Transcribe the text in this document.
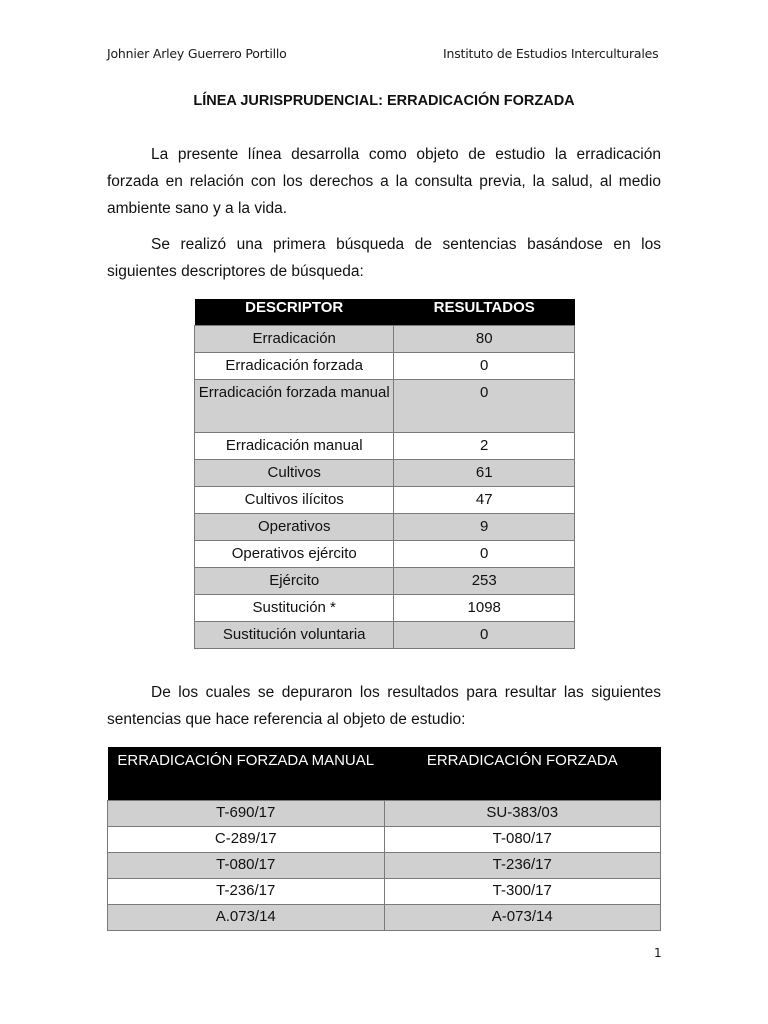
Johnier Arley Guerrero Portillo	Instituto de Estudios Interculturales
LÍNEA JURISPRUDENCIAL: ERRADICACIÓN FORZADA

La presente línea desarrolla como objeto de estudio la erradicación forzada en relación con los derechos a la consulta previa, la salud, al medio ambiente sano y a la vida.

Se realizó una primera búsqueda de sentencias basándose en los siguientes descriptores de búsqueda:

DESCRIPTOR	RESULTADOS
Erradicación	80
Erradicación forzada	0
Erradicación forzada manual	0
Erradicación manual	2
Cultivos	61
Cultivos ilícitos	47
Operativos	9
Operativos ejército	0
Ejército	253
Sustitución *	1098
Sustitución voluntaria	0

De los cuales se depuraron los resultados para resultar las siguientes sentencias que hace referencia al objeto de estudio:

ERRADICACIÓN FORZADA MANUAL	ERRADICACIÓN FORZADA
T-690/17	SU-383/03
C-289/17	T-080/17
T-080/17	T-236/17
T-236/17	T-300/17
A.073/14	A-073/14
1
